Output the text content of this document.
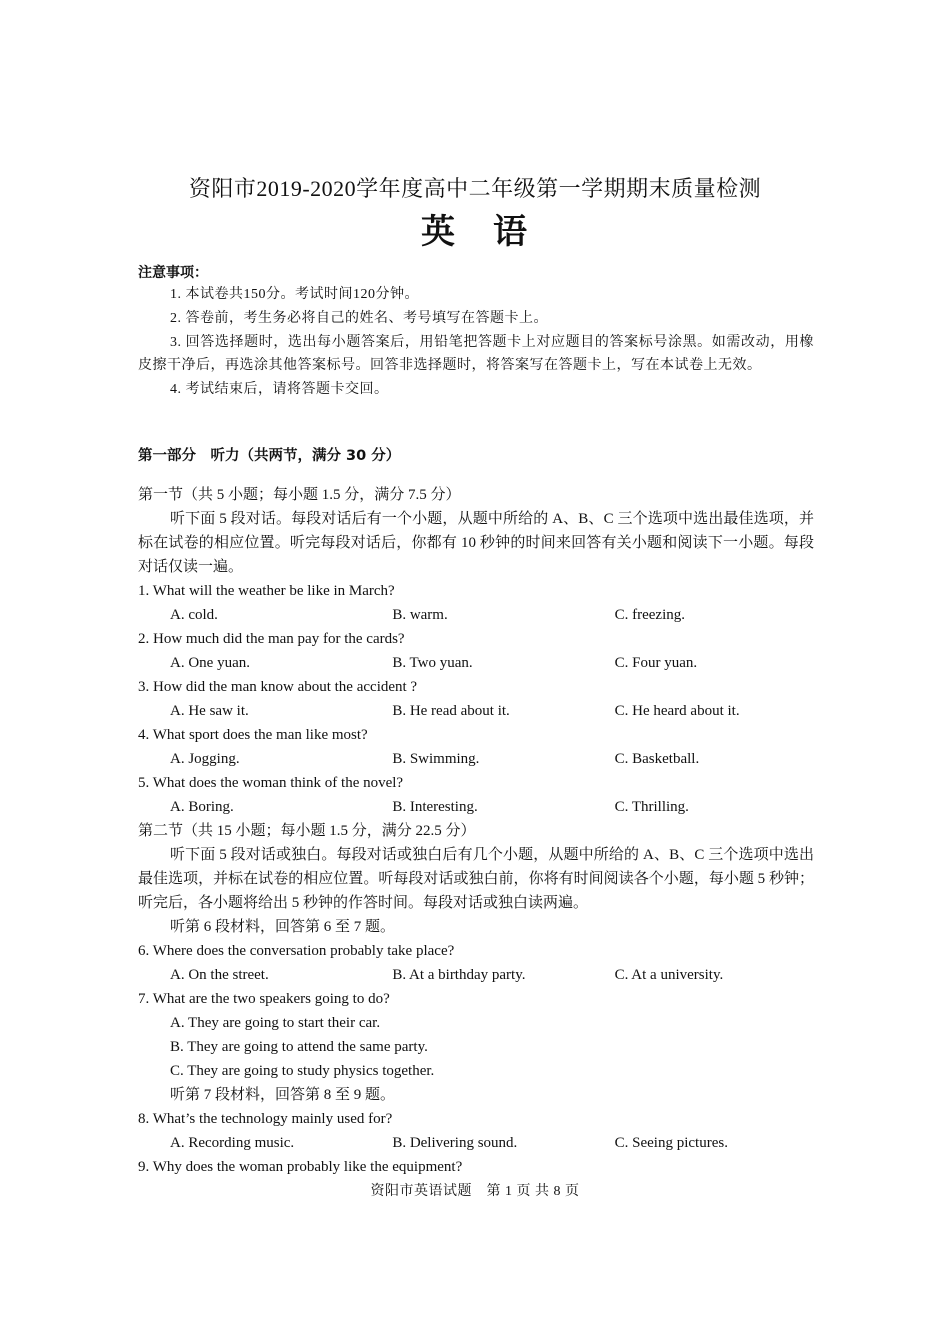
资阳市2019-2020学年度高中二年级第一学期期末质量检测
英　语
注意事项：
1. 本试卷共150分。考试时间120分钟。
2. 答卷前，考生务必将自己的姓名、考号填写在答题卡上。
3. 回答选择题时，选出每小题答案后，用铅笔把答题卡上对应题目的答案标号涂黑。如需改动，用橡皮擦干净后，再选涂其他答案标号。回答非选择题时，将答案写在答题卡上，写在本试卷上无效。
4. 考试结束后，请将答题卡交回。
第一部分　听力（共两节，满分 30 分）
第一节（共 5 小题；每小题 1.5 分，满分 7.5 分）
听下面 5 段对话。每段对话后有一个小题，从题中所给的 A、B、C 三个选项中选出最佳选项，并标在试卷的相应位置。听完每段对话后，你都有 10 秒钟的时间来回答有关小题和阅读下一小题。每段对话仅读一遍。
1. What will the weather be like in March?
A. cold.	B. warm.	C. freezing.
2. How much did the man pay for the cards?
A. One yuan.	B. Two yuan.	C. Four yuan.
3. How did the man know about the accident ?
A. He saw it.	B. He read about it.	C. He heard about it.
4. What sport does the man like most?
A. Jogging.	B. Swimming.	C. Basketball.
5. What does the woman think of the novel?
A. Boring.	B. Interesting.	C. Thrilling.
第二节（共 15 小题；每小题 1.5 分，满分 22.5 分）
听下面 5 段对话或独白。每段对话或独白后有几个小题，从题中所给的 A、B、C 三个选项中选出最佳选项，并标在试卷的相应位置。听每段对话或独白前，你将有时间阅读各个小题，每小题 5 秒钟；听完后，各小题将给出 5 秒钟的作答时间。每段对话或独白读两遍。
听第 6 段材料，回答第 6 至 7 题。
6. Where does the conversation probably take place?
A. On the street.	B. At a birthday party.	C. At a university.
7. What are the two speakers going to do?
A. They are going to start their car.
B. They are going to attend the same party.
C. They are going to study physics together.
听第 7 段材料，回答第 8 至 9 题。
8. What’s the technology mainly used for?
A. Recording music.	B. Delivering sound.	C. Seeing pictures.
9. Why does the woman probably like the equipment?
资阳市英语试题　第 1 页 共 8 页
